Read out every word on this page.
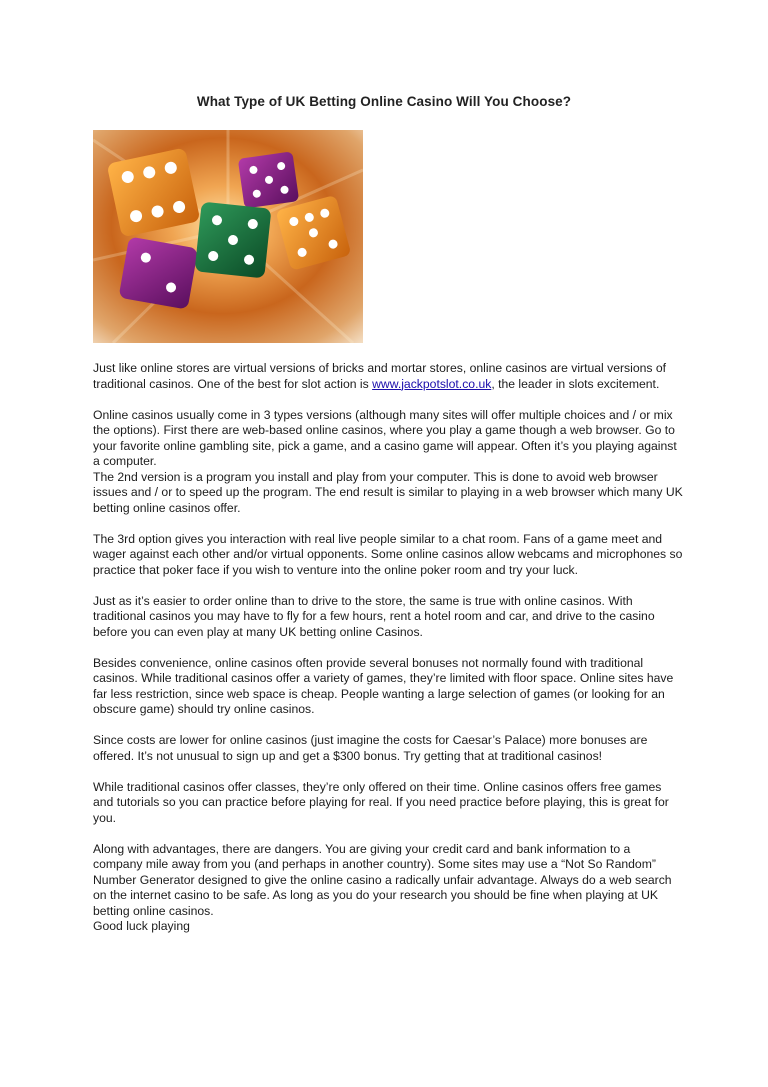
What Type of UK Betting Online Casino Will You Choose?

Just like online stores are virtual versions of bricks and mortar stores, online casinos are virtual versions of traditional casinos. One of the best for slot action is www.jackpotslot.co.uk, the leader in slots excitement.

Online casinos usually come in 3 types versions (although many sites will offer multiple choices and / or mix the options). First there are web-based online casinos, where you play a game though a web browser. Go to your favorite online gambling site, pick a game, and a casino game will appear. Often it’s you playing against a computer.

The 2nd version is a program you install and play from your computer. This is done to avoid web browser issues and / or to speed up the program. The end result is similar to playing in a web browser which many UK betting online casinos offer.

The 3rd option gives you interaction with real live people similar to a chat room. Fans of a game meet and wager against each other and/or virtual opponents. Some online casinos allow webcams and microphones so practice that poker face if you wish to venture into the online poker room and try your luck.

Just as it’s easier to order online than to drive to the store, the same is true with online casinos. With traditional casinos you may have to fly for a few hours, rent a hotel room and car, and drive to the casino before you can even play at many UK betting online Casinos.

Besides convenience, online casinos often provide several bonuses not normally found with traditional casinos. While traditional casinos offer a variety of games, they’re limited with floor space. Online sites have far less restriction, since web space is cheap. People wanting a large selection of games (or looking for an obscure game) should try online casinos.

Since costs are lower for online casinos (just imagine the costs for Caesar’s Palace) more bonuses are offered. It’s not unusual to sign up and get a $300 bonus. Try getting that at traditional casinos!

While traditional casinos offer classes, they’re only offered on their time. Online casinos offers free games and tutorials so you can practice before playing for real. If you need practice before playing, this is great for you.

Along with advantages, there are dangers. You are giving your credit card and bank information to a company mile away from you (and perhaps in another country). Some sites may use a “Not So Random” Number Generator designed to give the online casino a radically unfair advantage. Always do a web search on the internet casino to be safe. As long as you do your research you should be fine when playing at UK betting online casinos.

Good luck playing
